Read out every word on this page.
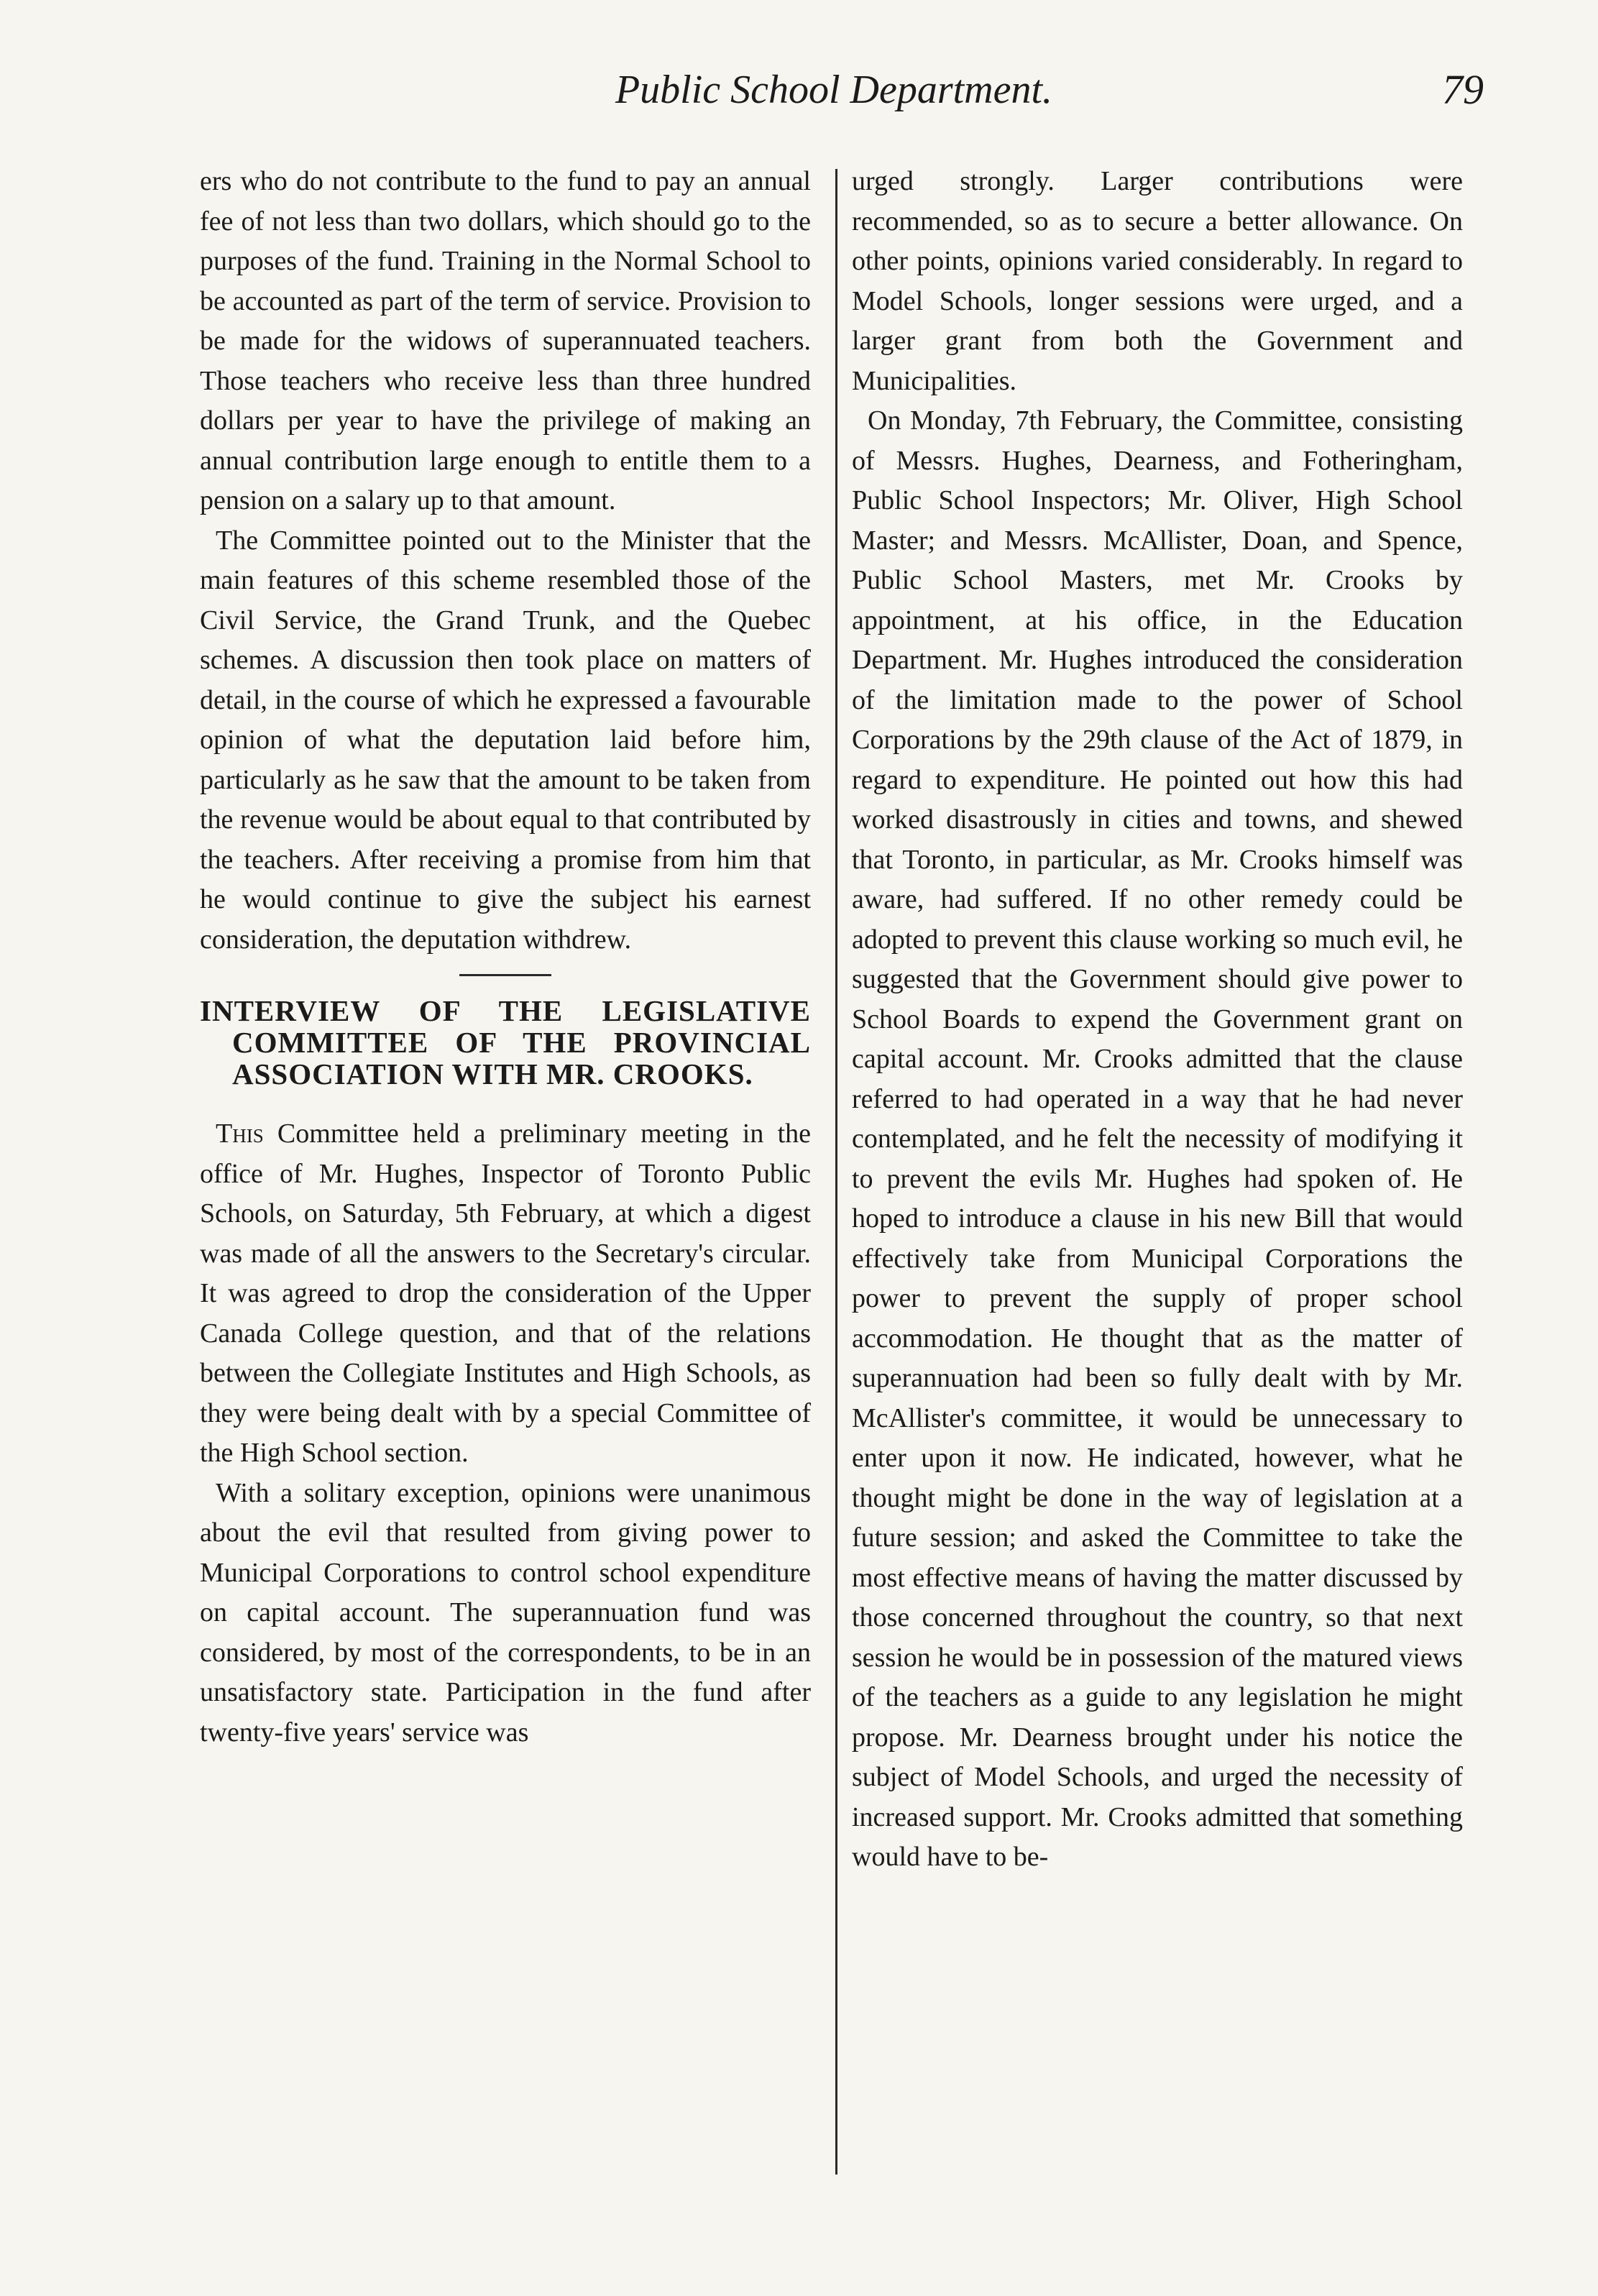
Public School Department.	79

ers who do not contribute to the fund to pay an annual fee of not less than two dollars, which should go to the purposes of the fund. Training in the Normal School to be accounted as part of the term of service. Provision to be made for the widows of superannuated teachers. Those teachers who receive less than three hundred dollars per year to have the privilege of making an annual contribution large enough to entitle them to a pension on a salary up to that amount.

The Committee pointed out to the Minister that the main features of this scheme resembled those of the Civil Service, the Grand Trunk, and the Quebec schemes. A discussion then took place on matters of detail, in the course of which he expressed a favourable opinion of what the deputation laid before him, particularly as he saw that the amount to be taken from the revenue would be about equal to that contributed by the teachers. After receiving a promise from him that he would continue to give the subject his earnest consideration, the deputation withdrew.

INTERVIEW OF THE LEGISLATIVE COMMITTEE OF THE PROVINCIAL ASSOCIATION WITH MR. CROOKS.

This Committee held a preliminary meeting in the office of Mr. Hughes, Inspector of Toronto Public Schools, on Saturday, 5th February, at which a digest was made of all the answers to the Secretary's circular. It was agreed to drop the consideration of the Upper Canada College question, and that of the relations between the Collegiate Institutes and High Schools, as they were being dealt with by a special Committee of the High School section.

With a solitary exception, opinions were unanimous about the evil that resulted from giving power to Municipal Corporations to control school expenditure on capital account. The superannuation fund was considered, by most of the correspondents, to be in an unsatisfactory state. Participation in the fund after twenty-five years' service was

urged strongly. Larger contributions were recommended, so as to secure a better allowance. On other points, opinions varied considerably. In regard to Model Schools, longer sessions were urged, and a larger grant from both the Government and Municipalities.

On Monday, 7th February, the Committee, consisting of Messrs. Hughes, Dearness, and Fotheringham, Public School Inspectors; Mr. Oliver, High School Master; and Messrs. McAllister, Doan, and Spence, Public School Masters, met Mr. Crooks by appointment, at his office, in the Education Department. Mr. Hughes introduced the consideration of the limitation made to the power of School Corporations by the 29th clause of the Act of 1879, in regard to expenditure. He pointed out how this had worked disastrously in cities and towns, and shewed that Toronto, in particular, as Mr. Crooks himself was aware, had suffered. If no other remedy could be adopted to prevent this clause working so much evil, he suggested that the Government should give power to School Boards to expend the Government grant on capital account. Mr. Crooks admitted that the clause referred to had operated in a way that he had never contemplated, and he felt the necessity of modifying it to prevent the evils Mr. Hughes had spoken of. He hoped to introduce a clause in his new Bill that would effectively take from Municipal Corporations the power to prevent the supply of proper school accommodation. He thought that as the matter of superannuation had been so fully dealt with by Mr. McAllister's committee, it would be unnecessary to enter upon it now. He indicated, however, what he thought might be done in the way of legislation at a future session; and asked the Committee to take the most effective means of having the matter discussed by those concerned throughout the country, so that next session he would be in possession of the matured views of the teachers as a guide to any legislation he might propose. Mr. Dearness brought under his notice the subject of Model Schools, and urged the necessity of increased support. Mr. Crooks admitted that something would have to be-
